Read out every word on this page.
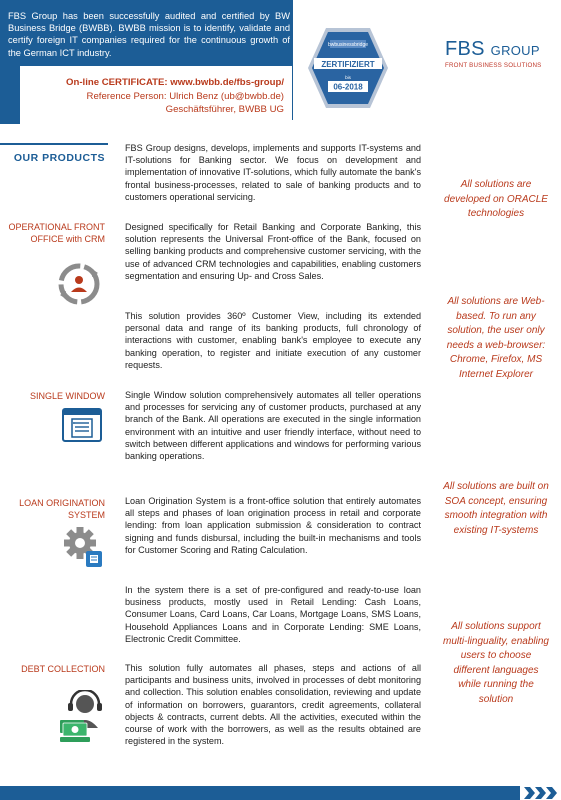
FBS Group has been successfully audited and certified by BW Business Bridge (BWBB). BWBB mission is to identify, validate and certify foreign IT companies required for the continuous growth of the German ICT industry.
On-line CERTIFICATE: www.bwbb.de/fbs-group/
Reference Person: Ulrich Benz (ub@bwbb.de)
Geschäftsführer, BWBB UG
bwbusinessbridge
ZERTIFIZIERT
bis
06-2018
FBS GROUP
FRONT BUSINESS SOLUTIONS
OUR PRODUCTS
OPERATIONAL FRONT OFFICE with CRM
SINGLE WINDOW
LOAN ORIGINATION SYSTEM
DEBT COLLECTION
FBS Group designs, develops, implements and supports IT-systems and IT-solutions for Banking sector. We focus on development and implementation of innovative IT-solutions, which fully automate the bank's frontal business-processes, related to sale of banking products and to customers operational servicing.
Designed specifically for Retail Banking and Corporate Banking, this solution represents the Universal Front-office of the Bank, focused on selling banking products and comprehensive customer servicing, with the use of advanced CRM technologies and capabilities, enabling customers segmentation and ensuring Up- and Cross Sales.
This solution provides 360º Customer View, including its extended personal data and range of its banking products, full chronology of interactions with customer, enabling bank's employee to execute any banking operation, to register and initiate execution of any customer requests.
Single Window solution comprehensively automates all teller operations and processes for servicing any of customer products, purchased at any branch of the Bank. All operations are executed in the single information environment with an intuitive and user friendly interface, without need to switch between different applications and windows for performing various banking operations.
Loan Origination System is a front-office solution that entirely automates all steps and phases of loan origination process in retail and corporate lending: from loan application submission & consideration to contract signing and funds disbursal, including the built-in mechanisms and tools for Customer Scoring and Rating Calculation.
In the system there is a set of pre-configured and ready-to-use loan business products, mostly used in Retail Lending: Cash Loans, Consumer Loans, Card Loans, Car Loans, Mortgage Loans, SMS Loans, Household Appliances Loans and in Corporate Lending: SME Loans, Electronic Credit Committee.
This solution fully automates all phases, steps and actions of all participants and business units, involved in processes of debt monitoring and collection. This solution enables consolidation, reviewing and update of information on borrowers, guarantors, credit agreements, collateral objects & contracts, current debts. All the activities, executed within the course of work with the borrowers, as well as the results obtained are registered in the system.
All solutions are developed on ORACLE technologies
All solutions are Web-based. To run any solution, the user only needs a web-browser: Chrome, Firefox, MS Internet Explorer
All solutions are built on SOA concept, ensuring smooth integration with existing IT-systems
All solutions support multi-linguality, enabling users to choose different languages while running the solution
